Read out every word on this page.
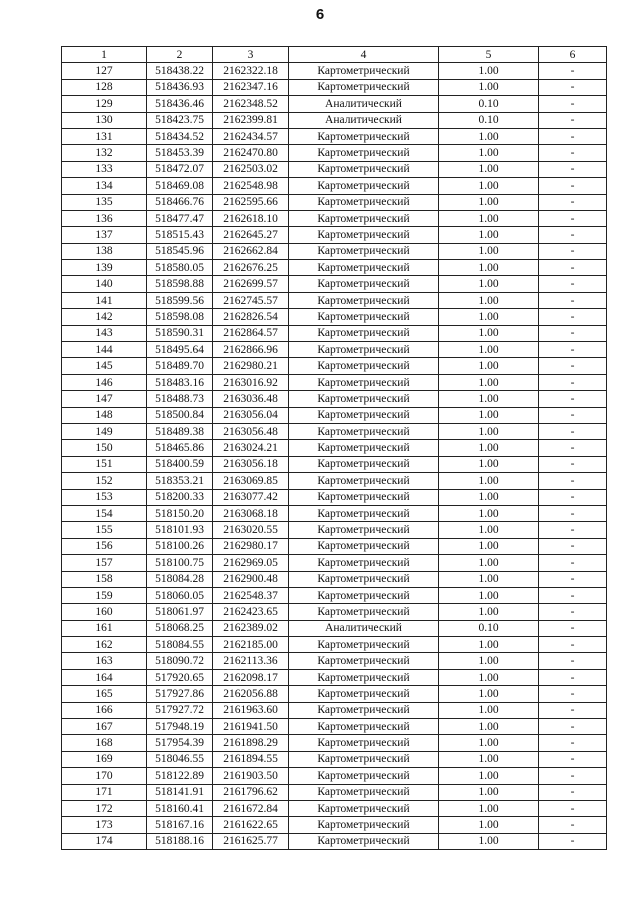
6
1	2	3	4	5	6
127	518438.22	2162322.18	Картометрический	1.00	-
128	518436.93	2162347.16	Картометрический	1.00	-
129	518436.46	2162348.52	Аналитический	0.10	-
130	518423.75	2162399.81	Аналитический	0.10	-
131	518434.52	2162434.57	Картометрический	1.00	-
132	518453.39	2162470.80	Картометрический	1.00	-
133	518472.07	2162503.02	Картометрический	1.00	-
134	518469.08	2162548.98	Картометрический	1.00	-
135	518466.76	2162595.66	Картометрический	1.00	-
136	518477.47	2162618.10	Картометрический	1.00	-
137	518515.43	2162645.27	Картометрический	1.00	-
138	518545.96	2162662.84	Картометрический	1.00	-
139	518580.05	2162676.25	Картометрический	1.00	-
140	518598.88	2162699.57	Картометрический	1.00	-
141	518599.56	2162745.57	Картометрический	1.00	-
142	518598.08	2162826.54	Картометрический	1.00	-
143	518590.31	2162864.57	Картометрический	1.00	-
144	518495.64	2162866.96	Картометрический	1.00	-
145	518489.70	2162980.21	Картометрический	1.00	-
146	518483.16	2163016.92	Картометрический	1.00	-
147	518488.73	2163036.48	Картометрический	1.00	-
148	518500.84	2163056.04	Картометрический	1.00	-
149	518489.38	2163056.48	Картометрический	1.00	-
150	518465.86	2163024.21	Картометрический	1.00	-
151	518400.59	2163056.18	Картометрический	1.00	-
152	518353.21	2163069.85	Картометрический	1.00	-
153	518200.33	2163077.42	Картометрический	1.00	-
154	518150.20	2163068.18	Картометрический	1.00	-
155	518101.93	2163020.55	Картометрический	1.00	-
156	518100.26	2162980.17	Картометрический	1.00	-
157	518100.75	2162969.05	Картометрический	1.00	-
158	518084.28	2162900.48	Картометрический	1.00	-
159	518060.05	2162548.37	Картометрический	1.00	-
160	518061.97	2162423.65	Картометрический	1.00	-
161	518068.25	2162389.02	Аналитический	0.10	-
162	518084.55	2162185.00	Картометрический	1.00	-
163	518090.72	2162113.36	Картометрический	1.00	-
164	517920.65	2162098.17	Картометрический	1.00	-
165	517927.86	2162056.88	Картометрический	1.00	-
166	517927.72	2161963.60	Картометрический	1.00	-
167	517948.19	2161941.50	Картометрический	1.00	-
168	517954.39	2161898.29	Картометрический	1.00	-
169	518046.55	2161894.55	Картометрический	1.00	-
170	518122.89	2161903.50	Картометрический	1.00	-
171	518141.91	2161796.62	Картометрический	1.00	-
172	518160.41	2161672.84	Картометрический	1.00	-
173	518167.16	2161622.65	Картометрический	1.00	-
174	518188.16	2161625.77	Картометрический	1.00	-
